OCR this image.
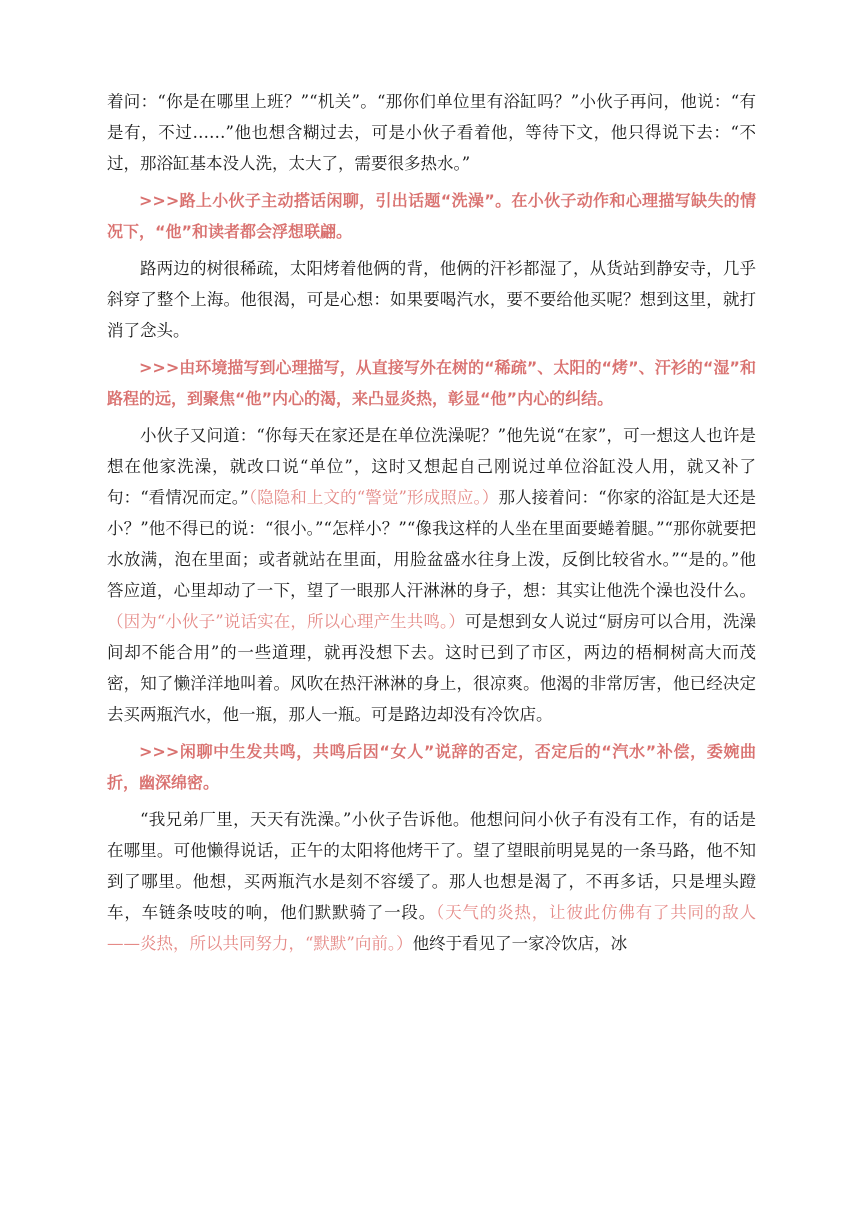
着问：“你是在哪里上班？”“机关”。“那你们单位里有浴缸吗？”小伙子再问，他说：“有是有，不过……”他也想含糊过去，可是小伙子看着他，等待下文，他只得说下去：“不过，那浴缸基本没人洗，太大了，需要很多热水。”

>>>路上小伙子主动搭话闲聊，引出话题“洗澡”。在小伙子动作和心理描写缺失的情况下，“他”和读者都会浮想联翩。

路两边的树很稀疏，太阳烤着他俩的背，他俩的汗衫都湿了，从货站到静安寺，几乎斜穿了整个上海。他很渴，可是心想：如果要喝汽水，要不要给他买呢？想到这里，就打消了念头。

>>>由环境描写到心理描写，从直接写外在树的“稀疏”、太阳的“烤”、汗衫的“湿”和路程的远，到聚焦“他”内心的渴，来凸显炎热，彰显“他”内心的纠结。

小伙子又问道：“你每天在家还是在单位洗澡呢？”他先说“在家”，可一想这人也许是想在他家洗澡，就改口说“单位”，这时又想起自己刚说过单位浴缸没人用，就又补了句：“看情况而定。”（隐隐和上文的“警觉”形成照应。）那人接着问：“你家的浴缸是大还是小？”他不得已的说：“很小。”“怎样小？”“像我这样的人坐在里面要蜷着腿。”“那你就要把水放满，泡在里面；或者就站在里面，用脸盆盛水往身上泼，反倒比较省水。”“是的。”他答应道，心里却动了一下，望了一眼那人汗淋淋的身子，想：其实让他洗个澡也没什么。（因为“小伙子”说话实在，所以心理产生共鸣。）可是想到女人说过“厨房可以合用，洗澡间却不能合用”的一些道理，就再没想下去。这时已到了市区，两边的梧桐树高大而茂密，知了懒洋洋地叫着。风吹在热汗淋淋的身上，很凉爽。他渴的非常厉害，他已经决定去买两瓶汽水，他一瓶，那人一瓶。可是路边却没有冷饮店。

>>>闲聊中生发共鸣，共鸣后因“女人”说辞的否定，否定后的“汽水”补偿，委婉曲折，幽深绵密。

“我兄弟厂里，天天有洗澡。”小伙子告诉他。他想问问小伙子有没有工作，有的话是在哪里。可他懒得说话，正午的太阳将他烤干了。望了望眼前明晃晃的一条马路，他不知到了哪里。他想，买两瓶汽水是刻不容缓了。那人也想是渴了，不再多话，只是埋头蹬车，车链条吱吱的响，他们默默骑了一段。（天气的炎热，让彼此仿佛有了共同的敌人——炎热，所以共同努力，“默默”向前。）他终于看见了一家冷饮店，冰
